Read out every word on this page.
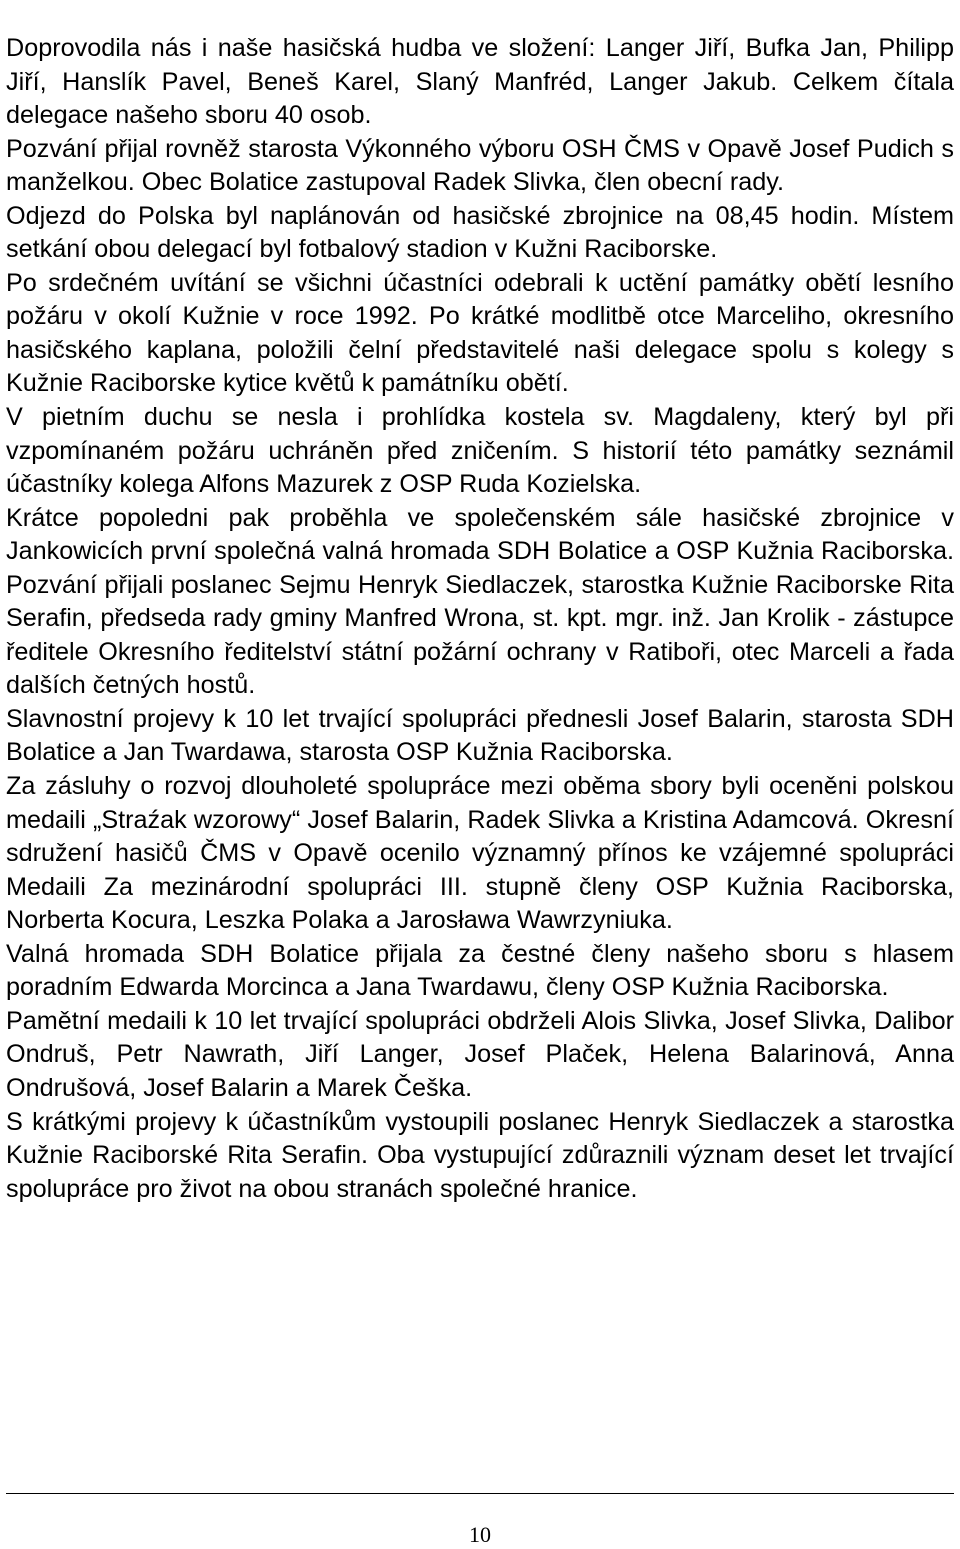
Doprovodila nás i naše hasičská hudba ve složení: Langer Jiří, Bufka Jan, Philipp Jiří, Hanslík Pavel, Beneš Karel, Slaný Manfréd, Langer Jakub. Celkem čítala delegace našeho sboru 40 osob.

Pozvání přijal rovněž starosta Výkonného výboru OSH ČMS v Opavě Josef Pudich s manželkou. Obec Bolatice zastupoval Radek Slivka, člen obecní rady.

Odjezd do Polska byl naplánován od hasičské zbrojnice na 08,45 hodin. Místem setkání obou delegací byl fotbalový stadion v Kužni Raciborske.

Po srdečném uvítání se všichni účastníci odebrali k uctění památky obětí lesního požáru v okolí Kužnie v roce 1992. Po krátké modlitbě otce Marceliho, okresního hasičského kaplana, položili čelní představitelé naši delegace spolu s kolegy s Kužnie Raciborske kytice květů k památníku obětí.

V pietním duchu se nesla i prohlídka kostela sv. Magdaleny, který byl při vzpomínaném požáru uchráněn před zničením. S historií této památky seznámil účastníky kolega Alfons Mazurek z OSP Ruda Kozielska.

Krátce popoledni pak proběhla ve společenském sále hasičské zbrojnice v Jankowicích první společná valná hromada SDH Bolatice a OSP Kužnia Raciborska. Pozvání přijali poslanec Sejmu Henryk Siedlaczek, starostka Kužnie Raciborske Rita Serafin, předseda rady gminy Manfred Wrona, st. kpt. mgr. inž. Jan Krolik - zástupce ředitele Okresního ředitelství státní požární ochrany v Ratiboři, otec Marceli a řada dalších četných hostů.

Slavnostní projevy k 10 let trvající spolupráci přednesli Josef Balarin, starosta SDH Bolatice a Jan Twardawa, starosta OSP Kužnia Raciborska.

Za zásluhy o rozvoj dlouholeté spolupráce mezi oběma sbory byli oceněni polskou medaili „Straźak wzorowy“ Josef Balarin, Radek Slivka a Kristina Adamcová. Okresní sdružení hasičů ČMS v Opavě ocenilo významný přínos ke vzájemné spolupráci Medaili Za mezinárodní spolupráci III. stupně členy OSP Kužnia Raciborska, Norberta Kocura, Leszka Polaka a Jarosława Wawrzyniuka.

Valná hromada SDH Bolatice přijala za čestné členy našeho sboru s hlasem poradním Edwarda Morcinca a Jana Twardawu, členy OSP Kužnia Raciborska.

Pamětní medaili k 10 let trvající spolupráci obdrželi Alois Slivka, Josef Slivka, Dalibor Ondruš, Petr Nawrath, Jiří Langer, Josef Plaček, Helena Balarinová, Anna Ondrušová, Josef Balarin a Marek Češka.

S krátkými projevy k účastníkům vystoupili poslanec Henryk Siedlaczek a starostka Kužnie Raciborské Rita Serafin. Oba vystupující zdůraznili význam deset let trvající spolupráce pro život na obou stranách společné hranice.

10
